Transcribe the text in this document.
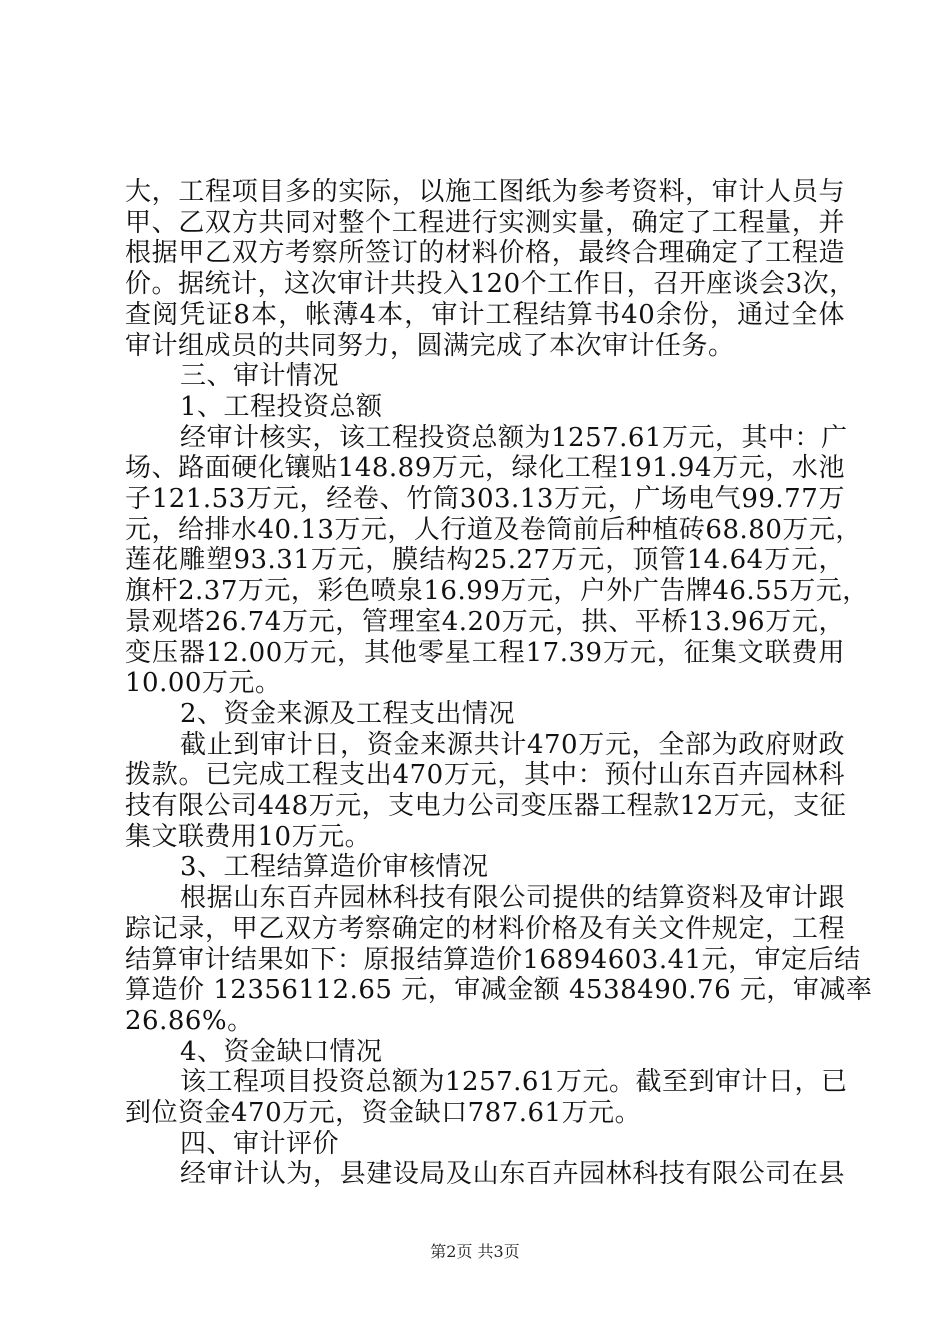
大，工程项目多的实际，以施工图纸为参考资料，审计人员与
甲、乙双方共同对整个工程进行实测实量，确定了工程量，并
根据甲乙双方考察所签订的材料价格，最终合理确定了工程造
价。据统计，这次审计共投入120个工作日，召开座谈会3次，
查阅凭证8本，帐薄4本，审计工程结算书40余份，通过全体
审计组成员的共同努力，圆满完成了本次审计任务。
三、审计情况
1、工程投资总额
经审计核实，该工程投资总额为1257.61万元，其中：广
场、路面硬化镶贴148.89万元，绿化工程191.94万元，水池
子121.53万元，经卷、竹筒303.13万元，广场电气99.77万
元，给排水40.13万元，人行道及卷筒前后种植砖68.80万元，
莲花雕塑93.31万元，膜结构25.27万元，顶管14.64万元，
旗杆2.37万元，彩色喷泉16.99万元，户外广告牌46.55万元，
景观塔26.74万元，管理室4.20万元，拱、平桥13.96万元，
变压器12.00万元，其他零星工程17.39万元，征集文联费用
10.00万元。
2、资金来源及工程支出情况
截止到审计日，资金来源共计470万元，全部为政府财政
拨款。已完成工程支出470万元，其中：预付山东百卉园林科
技有限公司448万元，支电力公司变压器工程款12万元，支征
集文联费用10万元。
3、工程结算造价审核情况
根据山东百卉园林科技有限公司提供的结算资料及审计跟
踪记录，甲乙双方考察确定的材料价格及有关文件规定，工程
结算审计结果如下：原报结算造价16894603.41元，审定后结
算造价 12356112.65 元，审减金额 4538490.76 元，审减率
26.86%。
4、资金缺口情况
该工程项目投资总额为1257.61万元。截至到审计日，已
到位资金470万元，资金缺口787.61万元。
四、审计评价
经审计认为，县建设局及山东百卉园林科技有限公司在县
第2页 共3页
